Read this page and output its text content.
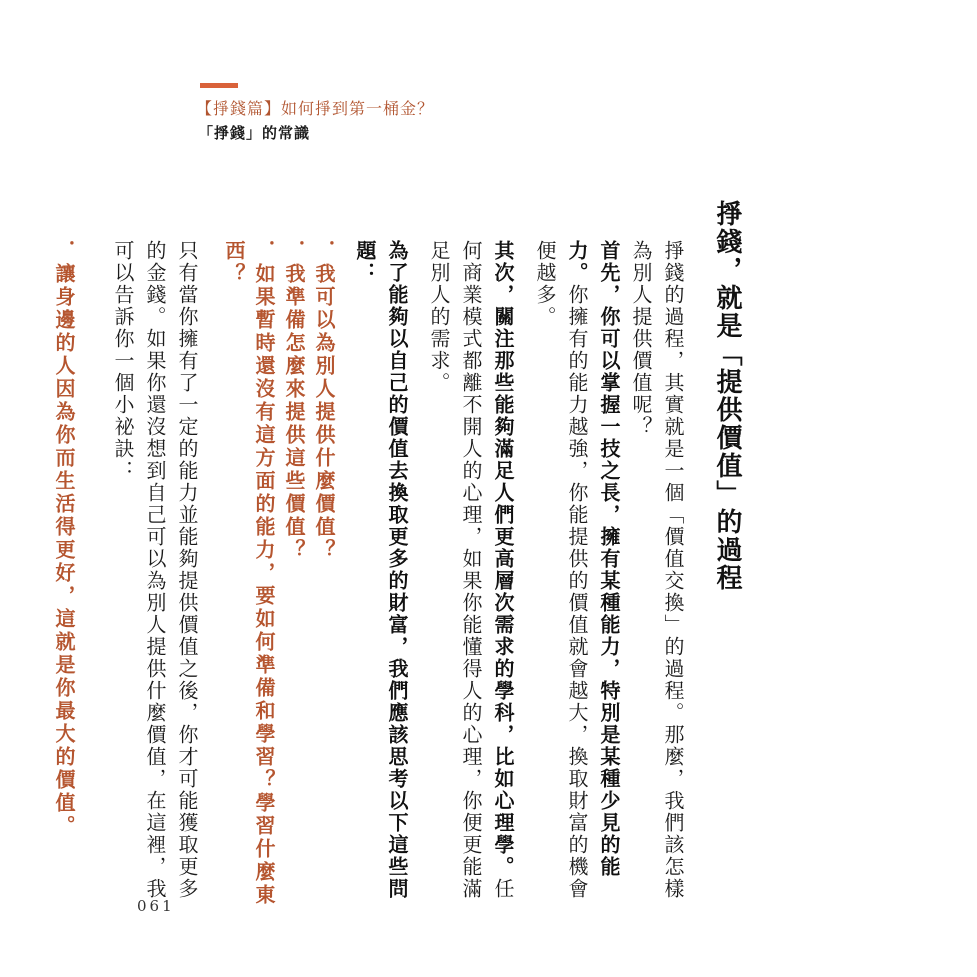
【掙錢篇】如何掙到第一桶金？
「掙錢」的常識

掙錢，就是「提供價值」的過程

掙錢的過程，其實就是一個「價值交換」的過程。那麼，我們該怎樣為別人提供價值呢？

首先，你可以掌握一技之長，擁有某種能力，特別是某種少見的能力。你擁有的能力越強，你能提供的價值就會越大，換取財富的機會便越多。

其次，關注那些能夠滿足人們更高層次需求的學科，比如心理學。任何商業模式都離不開人的心理，如果你能懂得人的心理，你便更能滿足別人的需求。

為了能夠以自己的價值去換取更多的財富，我們應該思考以下這些問題：

．我可以為別人提供什麼價值？

．我準備怎麼來提供這些價值？

．如果暫時還沒有這方面的能力，要如何準備和學習？學習什麼東西？

只有當你擁有了一定的能力並能夠提供價值之後，你才可能獲取更多的金錢。如果你還沒想到自己可以為別人提供什麼價值，在這裡，我可以告訴你一個小祕訣：

．讓身邊的人因為你而生活得更好，這就是你最大的價值。

061
